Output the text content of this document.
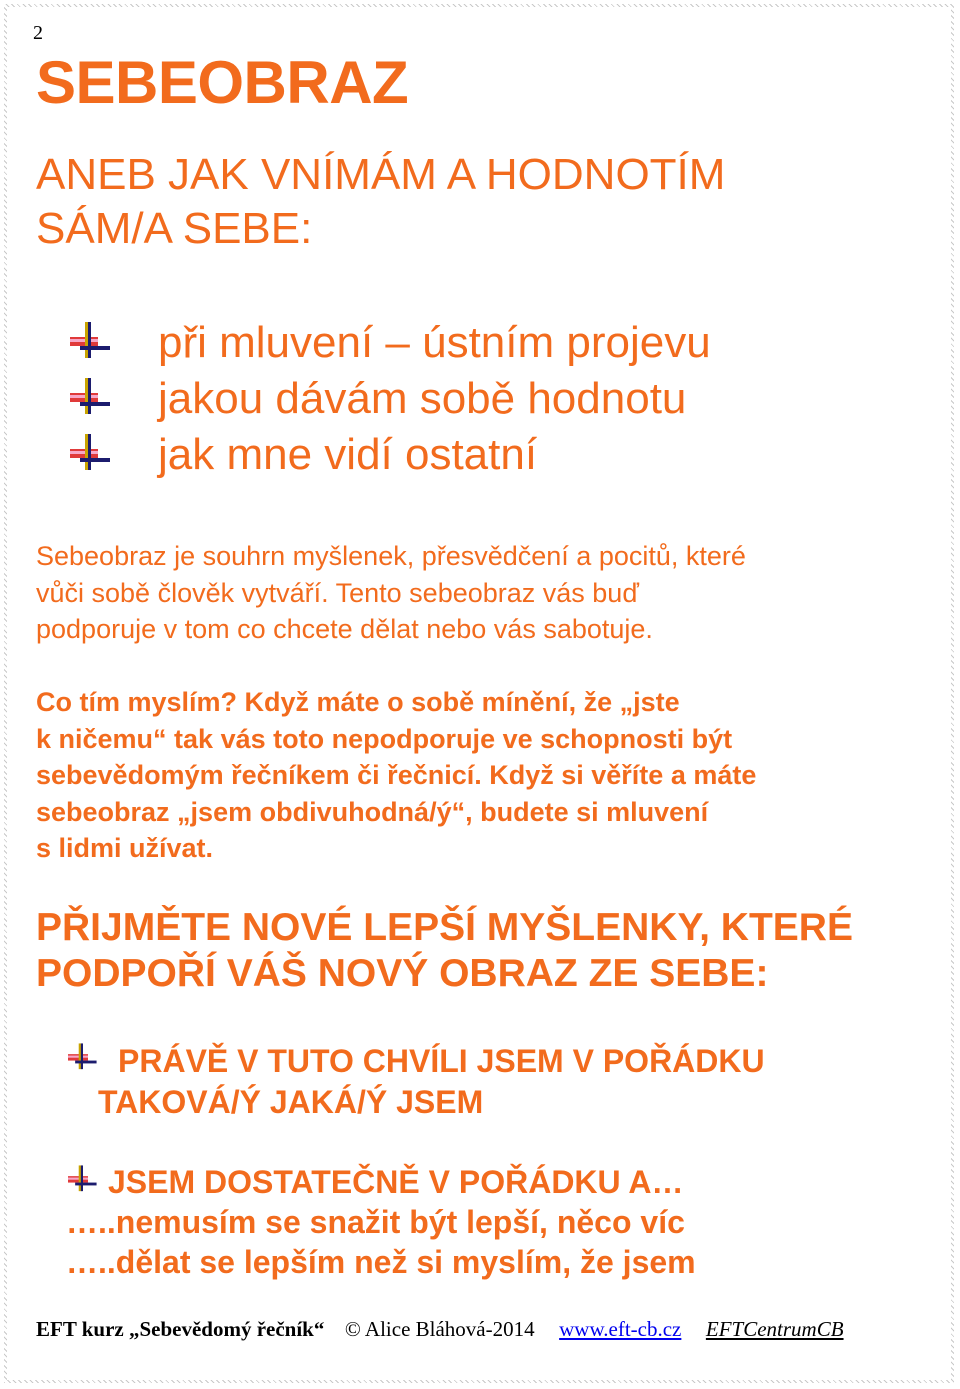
2
SEBEOBRAZ
ANEB JAK VNÍMÁM A HODNOTÍM
SÁM/A SEBE:
při mluvení – ústním projevu
jakou dávám sobě hodnotu
jak mne vidí ostatní
Sebeobraz je souhrn myšlenek, přesvědčení a pocitů, které
vůči sobě člověk vytváří. Tento sebeobraz vás buď
podporuje v tom co chcete dělat nebo vás sabotuje.
Co tím myslím? Když máte o sobě mínění, že „jste
k ničemu“ tak vás toto nepodporuje ve schopnosti být
sebevědomým řečníkem či řečnicí. Když si věříte a máte
sebeobraz „jsem obdivuhodná/ý“, budete si mluvení
s lidmi užívat.
PŘIJMĚTE NOVÉ LEPŠÍ MYŠLENKY, KTERÉ
PODPOŘÍ VÁŠ NOVÝ OBRAZ ZE SEBE:
PRÁVĚ V TUTO CHVÍLI JSEM V POŘÁDKU
TAKOVÁ/Ý JAKÁ/Ý JSEM
JSEM DOSTATEČNĚ V POŘÁDKU A…
…..nemusím se snažit být lepší, něco víc
…..dělat se lepším než si myslím, že jsem
EFT kurz „Sebevědomý řečník“ © Alice Bláhová-2014 www.eft-cb.cz EFTCentrumCB
